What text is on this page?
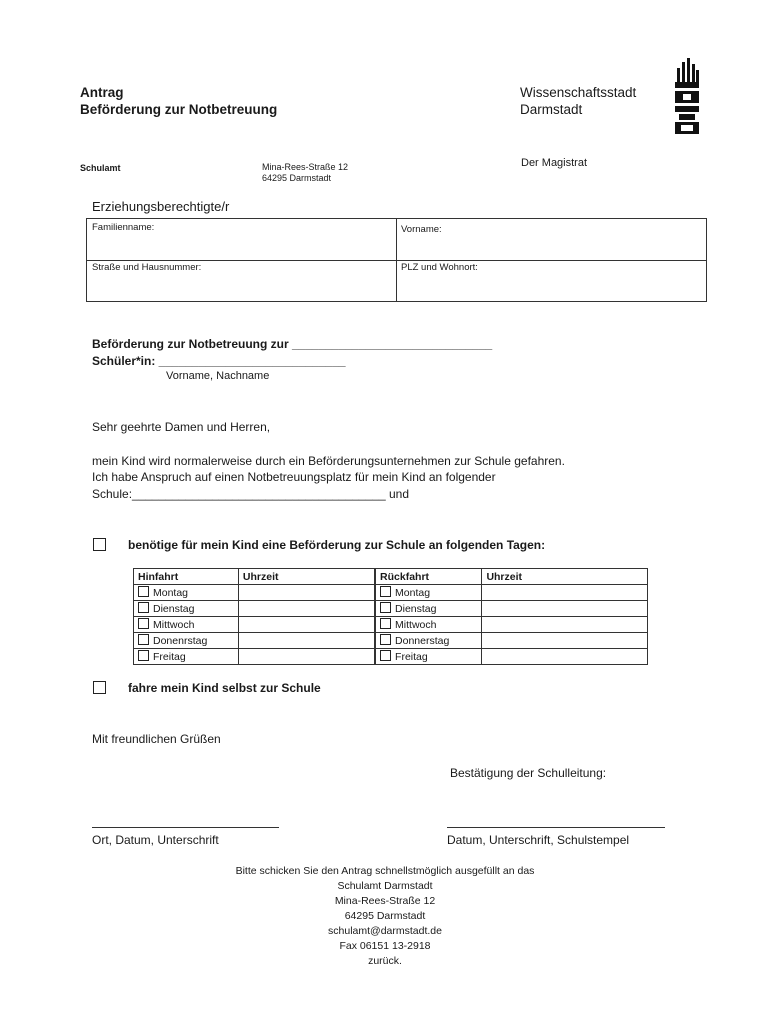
Antrag
Beförderung zur Notbetreuung
Wissenschaftsstadt
Darmstadt
Schulamt	Mina-Rees-Straße 12
64295 Darmstadt
Der Magistrat
Erziehungsberechtigte/r
Familienname:	Vorname:
Straße und Hausnummer:	PLZ und Wohnort:
Beförderung zur Notbetreuung zur ______________________________
Schüler*in: ____________________________
Vorname, Nachname
Sehr geehrte Damen und Herren,
mein Kind wird normalerweise durch ein Beförderungsunternehmen zur Schule gefahren.
Ich habe Anspruch auf einen Notbetreuungsplatz für mein Kind an folgender
Schule:______________________________________ und
benötige für mein Kind eine Beförderung zur Schule an folgenden Tagen:
Hinfahrt	Uhrzeit	Rückfahrt	Uhrzeit
Montag		Montag	
Dienstag		Dienstag	
Mittwoch		Mittwoch	
Donenrstag		Donnerstag	
Freitag		Freitag	
fahre mein Kind selbst zur Schule
Mit freundlichen Grüßen
Bestätigung der Schulleitung:
Ort, Datum, Unterschrift	Datum, Unterschrift, Schulstempel
Bitte schicken Sie den Antrag schnellstmöglich ausgefüllt an das
Schulamt Darmstadt
Mina-Rees-Straße 12
64295 Darmstadt
schulamt@darmstadt.de
Fax 06151 13-2918
zurück.
